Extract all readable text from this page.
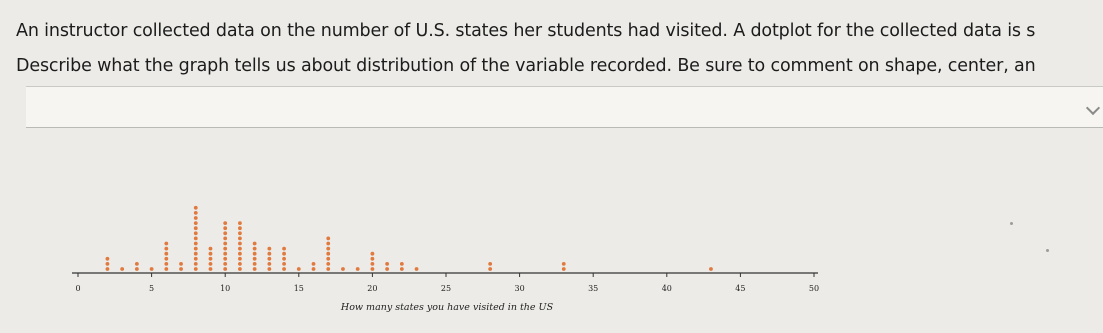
An instructor collected data on the number of U.S. states her students had visited. A dotplot for the collected data is s

Describe what the graph tells us about distribution of the variable recorded. Be sure to comment on shape, center, an

0	5	10	15	20	25	30	35	40	45	50
How many states you have visited in the US
